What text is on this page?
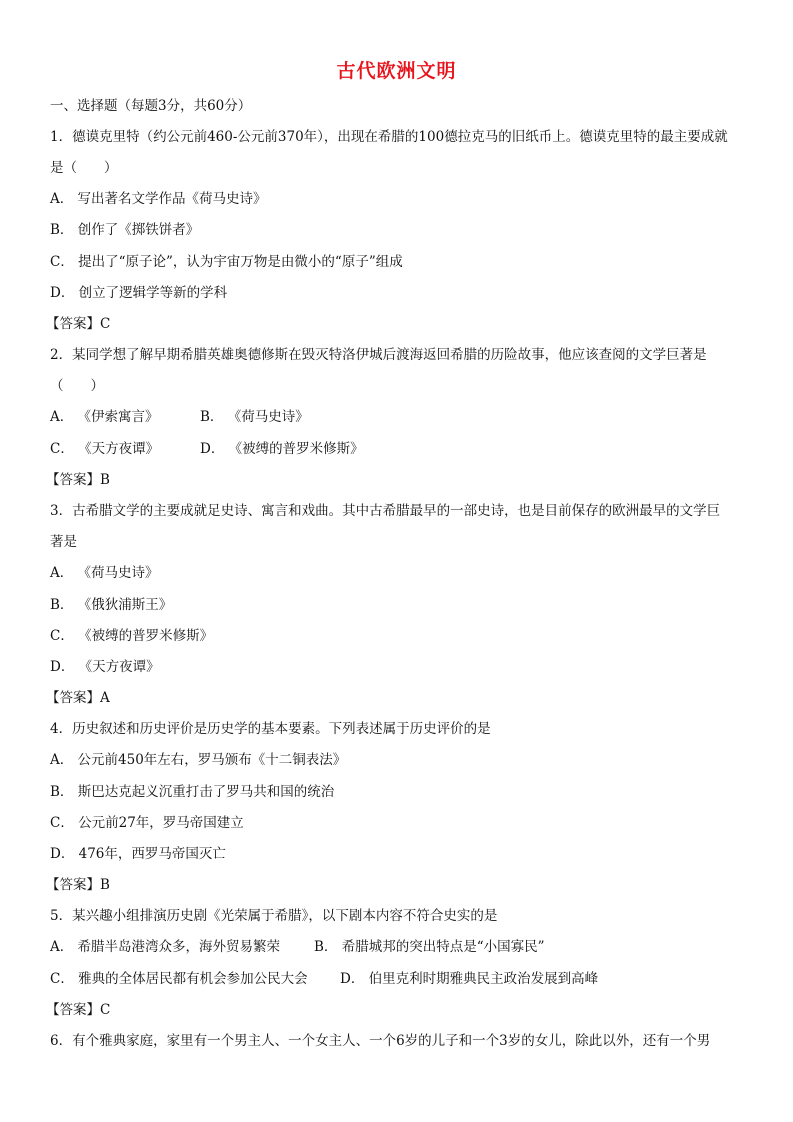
古代欧洲文明
一、选择题（每题3分，共60分）
1．德谟克里特（约公元前460-公元前370年），出现在希腊的100德拉克马的旧纸币上。德谟克里特的最主要成就
是（　　）
A． 写出著名文学作品《荷马史诗》
B． 创作了《掷铁饼者》
C． 提出了“原子论”，认为宇宙万物是由微小的“原子”组成
D． 创立了逻辑学等新的学科
【答案】C
2．某同学想了解早期希腊英雄奥德修斯在毁灭特洛伊城后渡海返回希腊的历险故事，他应该查阅的文学巨著是
（　　）
A． 《伊索寓言》	B． 《荷马史诗》
C． 《天方夜谭》	D． 《被缚的普罗米修斯》
【答案】B
3．古希腊文学的主要成就足史诗、寓言和戏曲。其中古希腊最早的一部史诗，也是目前保存的欧洲最早的文学巨
著是
A． 《荷马史诗》
B． 《俄狄浦斯王》
C． 《被缚的普罗米修斯》
D． 《天方夜谭》
【答案】A
4．历史叙述和历史评价是历史学的基本要素。下列表述属于历史评价的是
A． 公元前450年左右，罗马颁布《十二铜表法》
B． 斯巴达克起义沉重打击了罗马共和国的统治
C． 公元前27年，罗马帝国建立
D． 476年，西罗马帝国灭亡
【答案】B
5．某兴趣小组排演历史剧《光荣属于希腊》，以下剧本内容不符合史实的是
A． 希腊半岛港湾众多，海外贸易繁荣	B． 希腊城邦的突出特点是“小国寡民”
C． 雅典的全体居民都有机会参加公民大会 D． 伯里克利时期雅典民主政治发展到高峰
【答案】C
6．有个雅典家庭，家里有一个男主人、一个女主人、一个6岁的儿子和一个3岁的女儿，除此以外，还有一个男
